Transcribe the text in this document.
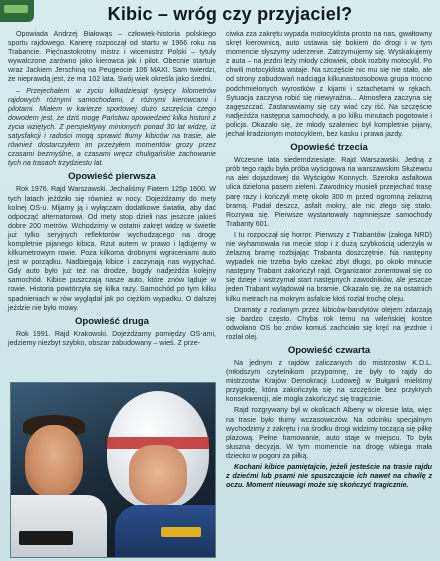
Kibic – wróg czy przyjaciel?

Opowiada Andrzej Białowąs – człowiek-historia polskiego sportu rajdowego. Karierę rozpoczął od startu w 1966 roku na Trabancie. Pięćnastokrotny mistrz i wicemistrz Polski – tytuły wywalczone zarówno jako kierowca jak i pilot. Obecnie startuje wraz Jackiem Jerschiną na Peugeocie 106 MAXI. Sam twierdzi, że nieprawdą jest, że ma 102 lata. Swój wiek określa jako średni.

– Przejechałem w życiu kilkadziesiąt tysięcy kilometrów rajdowych różnymi samochodami, z różnymi kierowcami i pilotami. Miałem w karierze sportowej dużo szczęścia czego dowodem jest, że dziś mogę Państwu opowiedzieć kilka historii z życia wziętych. Z perspektywy minionych ponad 30 lat widzę, iż satysfakcji i radości mogą sprawić tłumy kibiców na trasie, ale również dostarczyłem im przeżyłem momentów grozy przez czasami bezmyślne, a czasami wręcz chuligańskie zachowanie tych na trasach trzydziestu lat.

Opowieść pierwsza

Rok 1976. Rajd Warszawski. Jechaliśmy Fiatem 125p 1600. W tych latach jeździło się również w nocy. Dojeżdżamy do mety kolnej OS-u. Mijamy ją i wyłączam dodatkowe światła, aby dać odpocząć alternatorowi. Od mety stop dzieli nas jeszcze jakieś dobre 200 metrów. Wchodzimy w ostatni zakręt widzę w świetle już tylko seryjnych reflektorów wychodzącego na drogę kompletnie pijanego kibica. Rzut autem w prawo i lądujemy w kilkumetrowym rowie. Poza kilkoma drobnymi wgniceniami auto jest w porządku. Nadbiegają kibice i zaczynają nas wypychać. Gdy auto było już też na drodze, bogdy nadjeżdża kolejny samochód. Kibice puszczają nasze auto, które znów ląduje w rowie. Historia powtórzyła się kilka razy. Samochód po tym kilku spadnieniach w rów wyglądał jak po ciężkim wypadku. O dalszej jeździe nie było mowy.

Opowieść druga

Rok 1991. Rajd Krakowski. Dojeżdżamy pomiędzy OS-ami, jedziemy niezbyt szybko, obszar zabudowany – wieś. Z prze-

ciwka zza zakrętu wypada motocyklista prosto na nas, gwałtowny skręt kierownicą, auto ustawia się bokiem do drogi i w tym momencie słyszymy uderzenie. Zatrzymujemy się. Wyskakujemy z auta – na jezdni leży młody człowiek, obok rozbity motocykl. Po chwili motocyklista wstaje. Na szczęście nic mu się nie stało, ale od strony zabudowań nadciąga kilkunastoosobowa grupa mocno podchmielonych wyrostków z kijami i sztachetami w rękach. Sytuacja zaczyna robić się niewyraźna... Atmosfera zaczyna się zagęszczać. Zastanawiamy się czy wiać czy iść. Na szczęście nadjeżdża następna samochody, a po kilku minutach pogotowie i policja. Okazało się, że młody szaleniec był kompletnie pijany, jechał kradzionym motocyklem, bez kasku i prawa jazdy.

Opowieść trzecia

Wczesne lata siedemdziesiąte. Rajd Warszawski. Jedną z prób tego rajdu była próba wyścigowa na warszawskim Służewcu na alei dojazdowej do Wyścigów Konnych. Szeroka asfaltowa ulica dzielona pasem zieleni. Zawodnicy musieli przejechać trasę parę razy i kończyli metę około 300 m przed ogromną żelazną bramą. Padał deszcz, asfalt mokry, ale nic złego się stało. Rozrywa się. Pierwsze wystartowały najmniejsze samochody Trabanty 601.

I tu rozpoczął się horror. Pierwszy z Trabantów (załoga NRD) nie wyhamowała na mecie stop i z dużą szybkością uderzyła w żelazną bramę rozbijając Trabanta doszczętnie. Na następny wypadek nie trzeba było czekać zbyt długo, po około minucie następny Trabant zakończył rajd. Organizator zorientował się co się dzieje i wstrzymał start następnych zawodników, ale jeszcze jeden Trabant wylądował na bramie. Okazało się, że na ostatnich kilku metrach na mokrym asfalcie kłoś rozlał trochę oleju.

Dramaty z rozlanym przez kibiców-bandytów olejem zdarzają się bardzo często. Chyba rok temu na wileńskiej kostce odwołano OS bo znów komuś zachciało się kręć na jezdnie i rozlał olej.

Opowieść czwarta

Na jednym z rajdów zaliczanych do mistrzostw K.D.L. (młodszym czytelnikom przypomnę, że były to rajdy do mistrzostw Krajów Demokracji Ludowej) w Bułgarii mieliśmy przygodę, która zakończyła się na szczęście bez przykrych konsekwencji, ale mogła zakończyć się tragicznie.

Rajd rozgrywany był w okolicach Albeny w okresie lata, więc na trasie było tłumy wczasowiczów. Na odcinku specjalnym wychodzimy z zakrętu i na środku drogi widzimy toczącą się piłkę plażową. Pełne hamowanie, auto staje w miejscu. To była słuszna decyzja. W tym momencie na drogę wbiega mała dziecko w pogoni za piłką.

Kochani kibice pamiętajcie, jeżeli jesteście na trasie rajdu z dziećmi lub psami nie spuszczajcie ich nawet na chwilę z oczu. Moment nieuwagi może się skończyć tragicznie.
